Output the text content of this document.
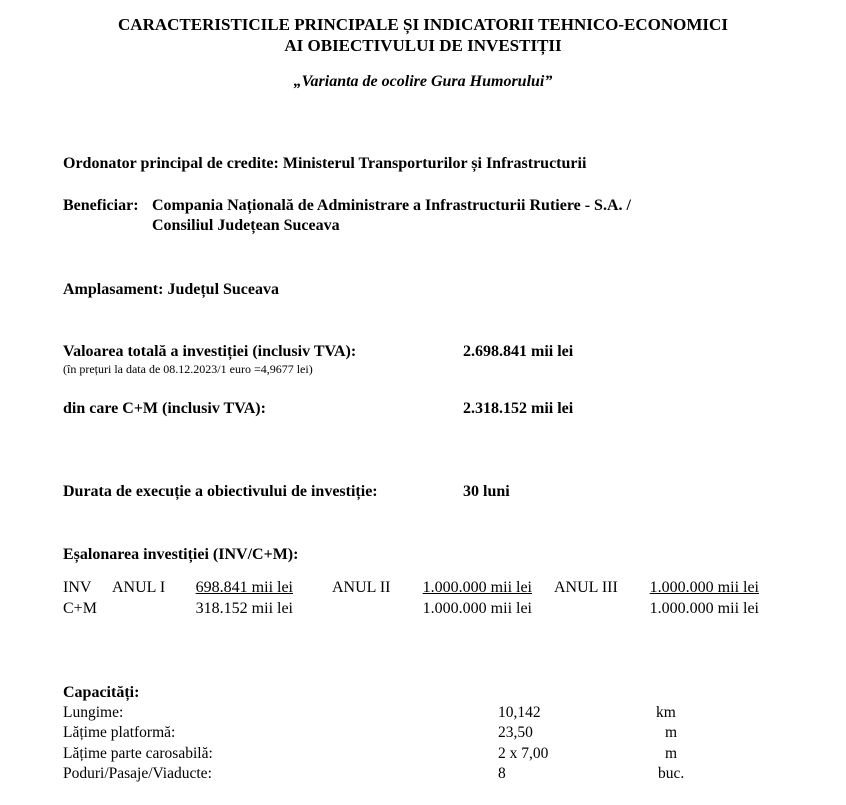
CARACTERISTICILE PRINCIPALE ȘI INDICATORII TEHNICO-ECONOMICI
AI OBIECTIVULUI DE INVESTIȚII
„Varianta de ocolire Gura Humorului”
Ordonator principal de credite: Ministerul Transporturilor și Infrastructurii
Beneficiar: Compania Națională de Administrare a Infrastructurii Rutiere - S.A. /
Consiliul Județean Suceava
Amplasament: Județul Suceava
Valoarea totală a investiției (inclusiv TVA):
(în prețuri la data de 08.12.2023/1 euro =4,9677 lei)
2.698.841 mii lei
din care C+M (inclusiv TVA):	2.318.152 mii lei
Durata de execuție a obiectivului de investiție:	30 luni
Eșalonarea investiției (INV/C+M):
INV ANUL I	698.841 mii lei ANUL II	1.000.000 mii lei ANUL III	1.000.000 mii lei
C+M	318.152 mii lei	1.000.000 mii lei	1.000.000 mii lei
Capacități:
Lungime:	10,142	km
Lățime platformă:	23,50	m
Lățime parte carosabilă:	2 x 7,00	m
Poduri/Pasaje/Viaducte:	8	buc.
